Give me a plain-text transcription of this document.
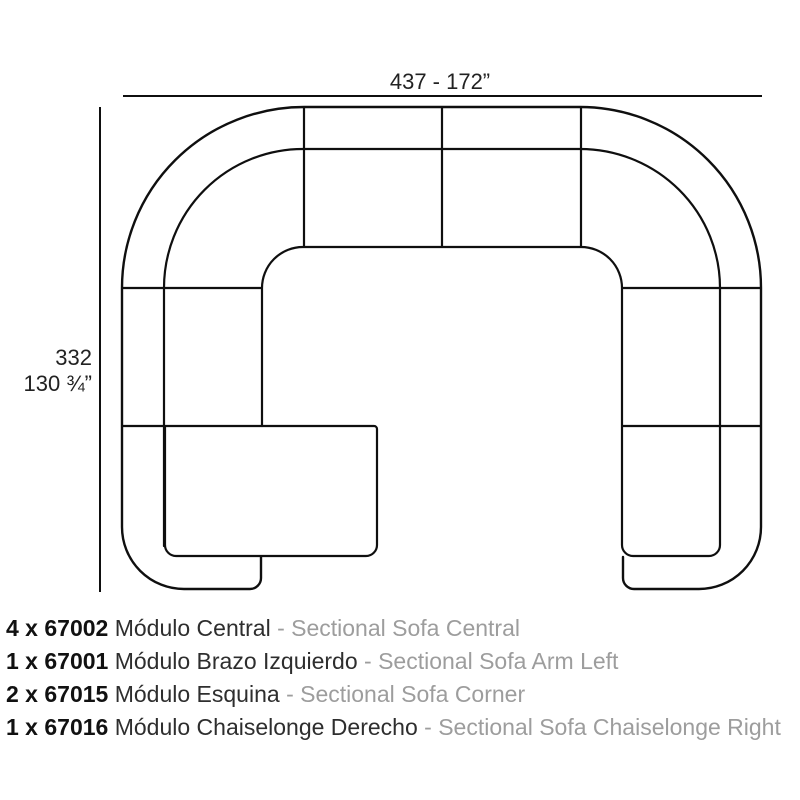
437 - 172”
332
130 ¾”
4 x 67002 Módulo Central - Sectional Sofa Central
1 x 67001 Módulo Brazo Izquierdo - Sectional Sofa Arm Left
2 x 67015 Módulo Esquina - Sectional Sofa Corner
1 x 67016 Módulo Chaiselonge Derecho - Sectional Sofa Chaiselonge Right
